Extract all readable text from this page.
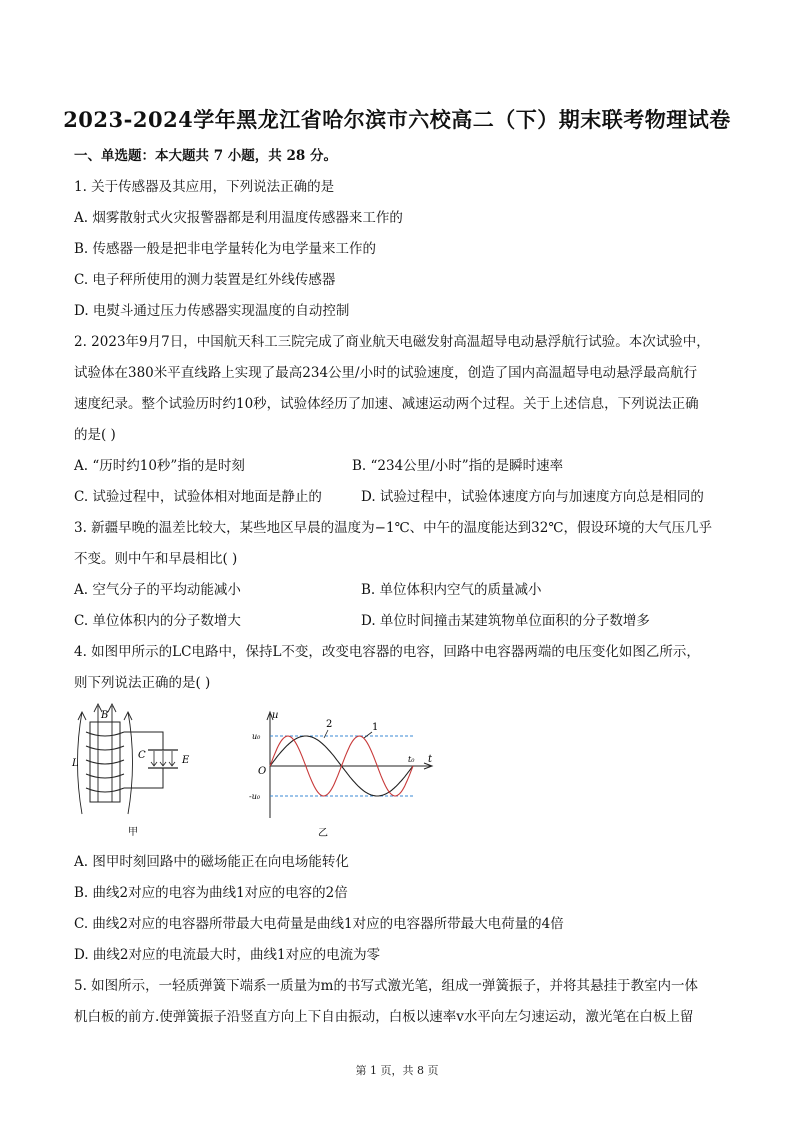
2023-2024学年黑龙江省哈尔滨市六校高二（下）期末联考物理试卷
一、单选题：本大题共 7 小题，共 28 分。
1. 关于传感器及其应用，下列说法正确的是
A. 烟雾散射式火灾报警器都是利用温度传感器来工作的
B. 传感器一般是把非电学量转化为电学量来工作的
C. 电子秤所使用的测力装置是红外线传感器
D. 电熨斗通过压力传感器实现温度的自动控制
2. 2023年9月7日，中国航天科工三院完成了商业航天电磁发射高温超导电动悬浮航行试验。本次试验中，
试验体在380米平直线路上实现了最高234公里/小时的试验速度，创造了国内高温超导电动悬浮最高航行
速度纪录。整个试验历时约10秒，试验体经历了加速、减速运动两个过程。关于上述信息，下列说法正确
的是( )
A. “历时约10秒”指的是时刻	B. “234公里/小时”指的是瞬时速率
C. 试验过程中，试验体相对地面是静止的	D. 试验过程中，试验体速度方向与加速度方向总是相同的
3. 新疆早晚的温差比较大，某些地区早晨的温度为−1℃、中午的温度能达到32℃，假设环境的大气压几乎
不变。则中午和早晨相比( )
A. 空气分子的平均动能减小	B. 单位体积内空气的质量减小
C. 单位体积内的分子数增大	D. 单位时间撞击某建筑物单位面积的分子数增多
4. 如图甲所示的LC电路中，保持L不变，改变电容器的电容，回路中电容器两端的电压变化如图乙所示，
则下列说法正确的是( )
B
L
C	E
甲
u
u₀
-u₀
O
t₀ t
2	1
乙
A. 图甲时刻回路中的磁场能正在向电场能转化
B. 曲线2对应的电容为曲线1对应的电容的2倍
C. 曲线2对应的电容器所带最大电荷量是曲线1对应的电容器所带最大电荷量的4倍
D. 曲线2对应的电流最大时，曲线1对应的电流为零
5. 如图所示，一轻质弹簧下端系一质量为m的书写式激光笔，组成一弹簧振子，并将其悬挂于教室内一体
机白板的前方.使弹簧振子沿竖直方向上下自由振动，白板以速率v水平向左匀速运动，激光笔在白板上留
第 1 页，共 8 页
